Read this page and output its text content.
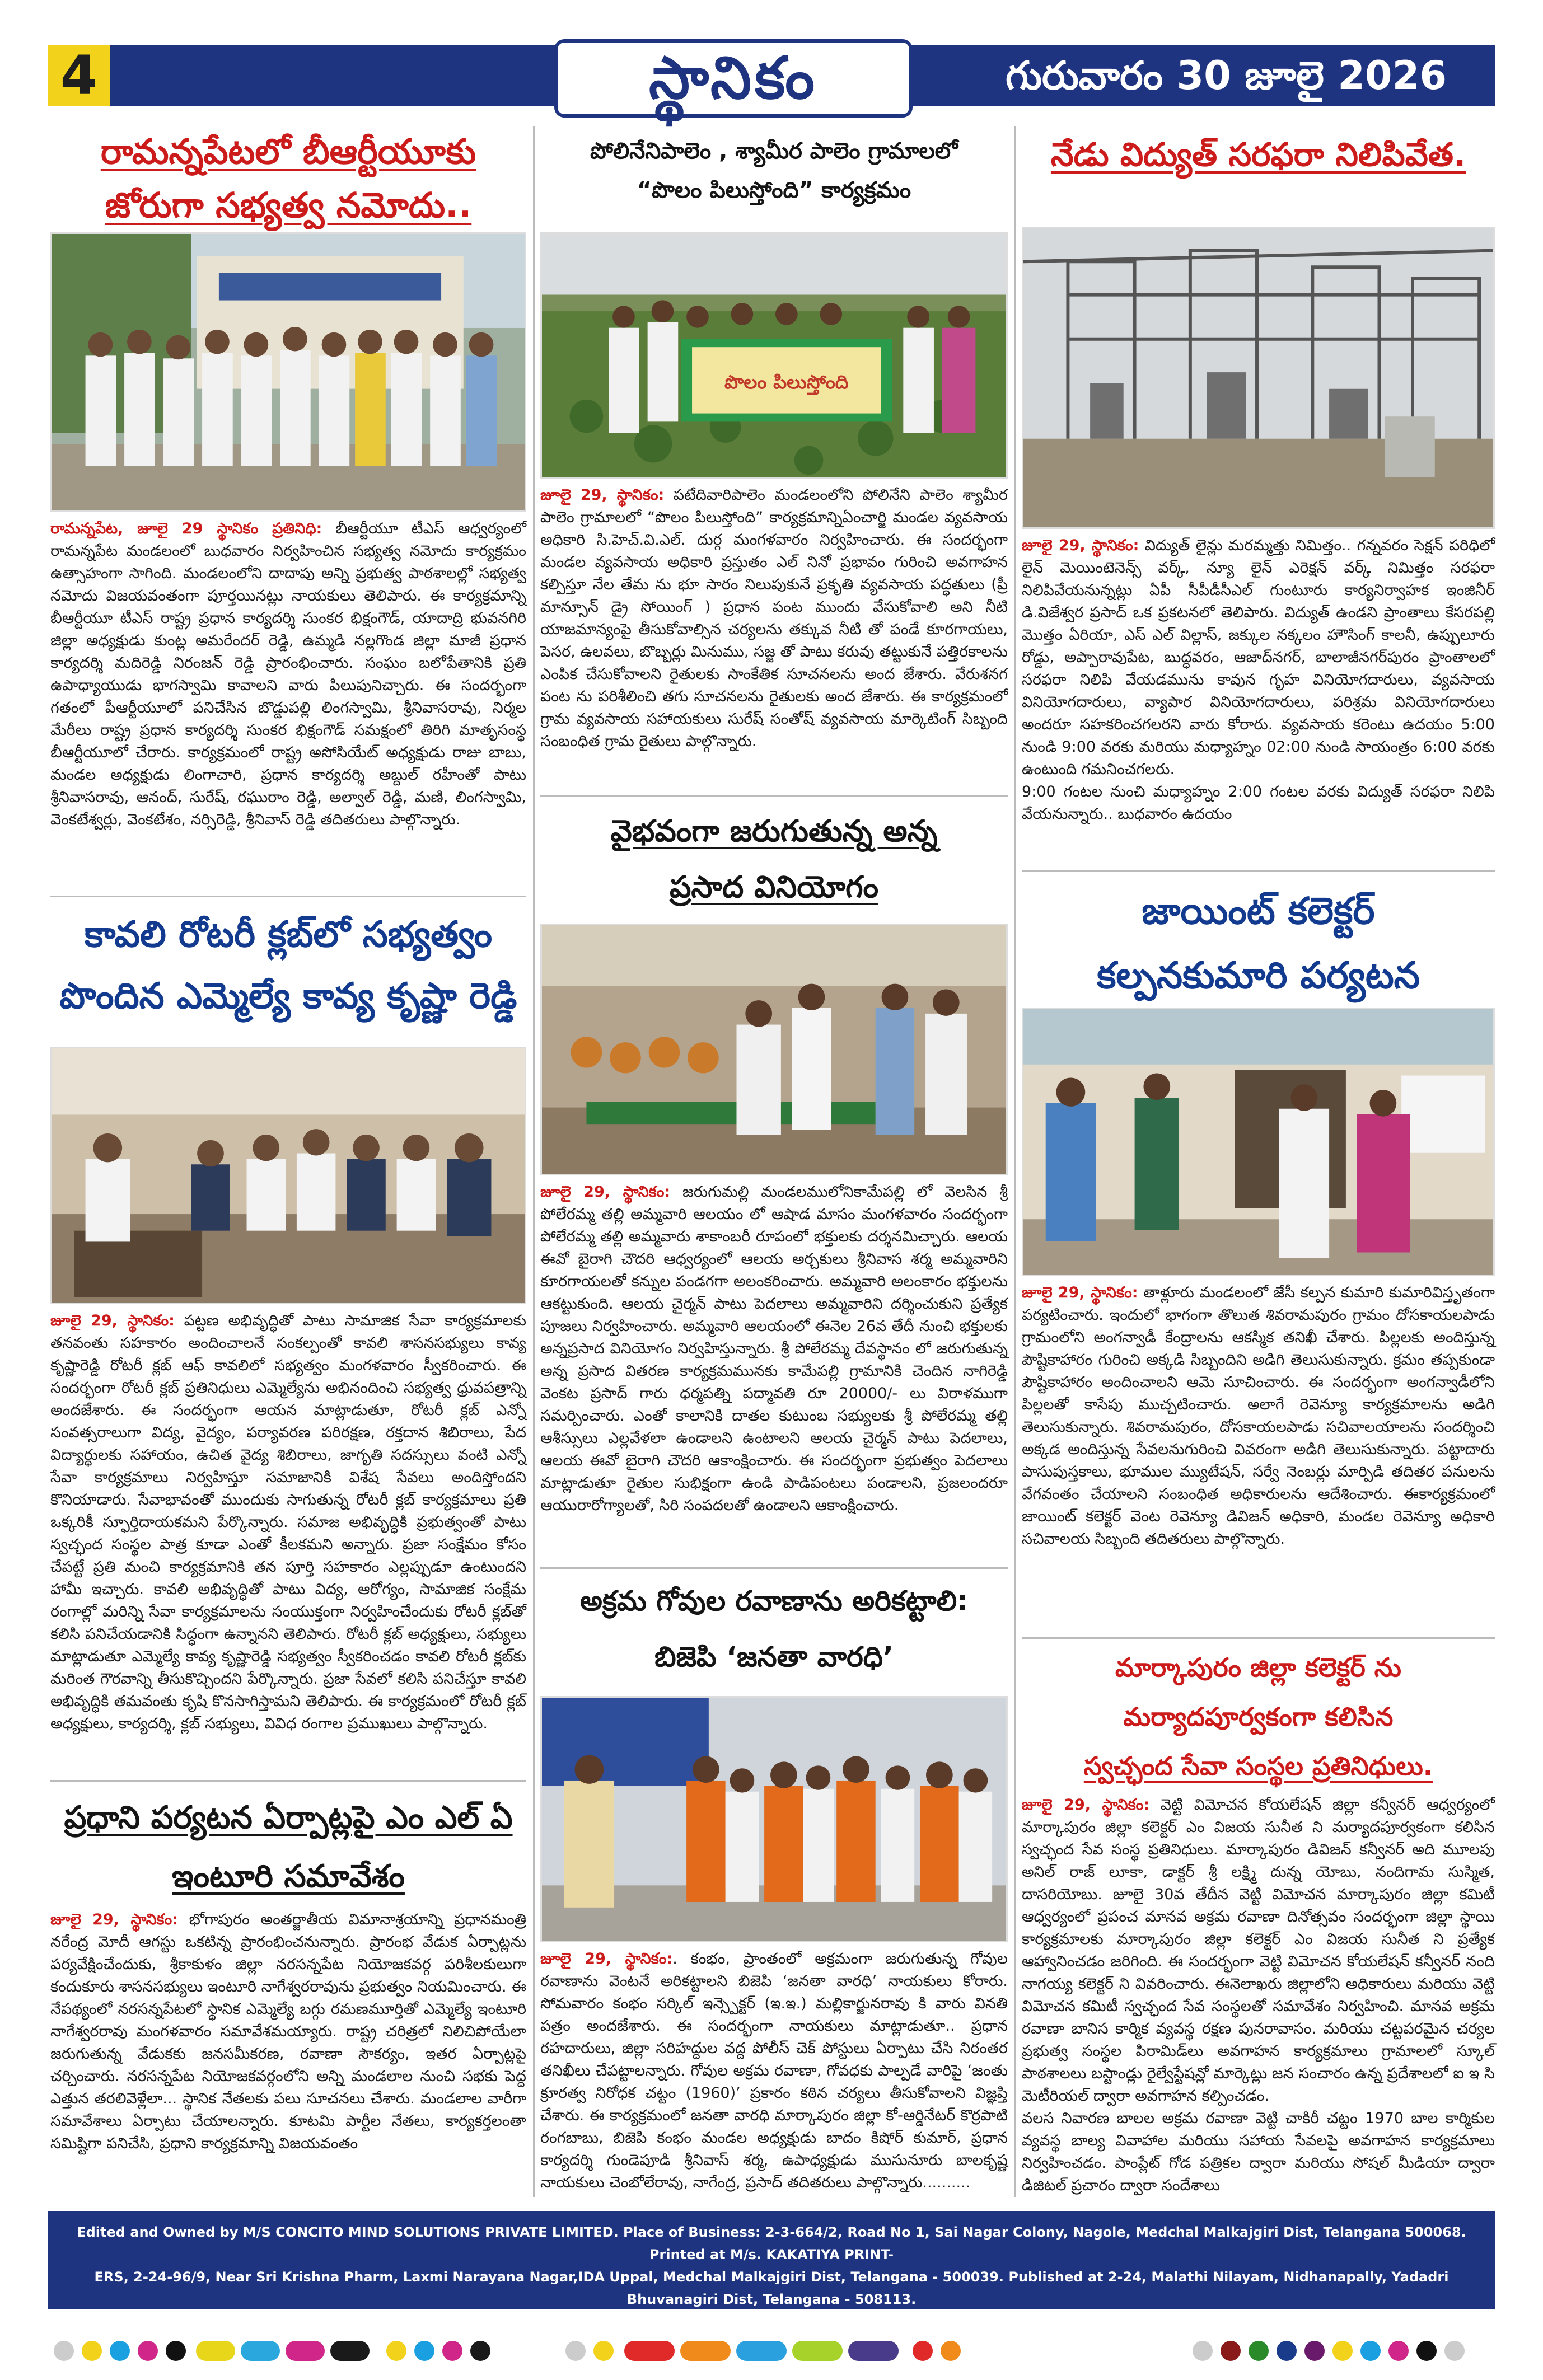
4	స్థానికం	గురువారం 30 జూలై 2026
రామన్నపేటలో బీఆర్టీయూకు
జోరుగా సభ్యత్వ నమోదు..
రామన్నపేట, జూలై 29 స్థానికం ప్రతినిధి: బీఆర్టీయూ టీఎస్ ఆధ్వర్యంలో రామన్నపేట మండలంలో బుధవారం నిర్వహించిన సభ్యత్వ నమోదు కార్యక్రమం ఉత్సాహంగా సాగింది. మండలంలోని దాదాపు అన్ని ప్రభుత్వ పాఠశాలల్లో సభ్యత్వ నమోదు విజయవంతంగా పూర్తయినట్లు నాయకులు తెలిపారు. ఈ కార్యక్రమాన్ని బీఆర్టీయూ టీఎస్ రాష్ట్ర ప్రధాన కార్యదర్శి సుంకర భిక్షంగౌడ్, యాదాద్రి భువనగిరి జిల్లా అధ్యక్షుడు కుంట్ల అమరేందర్ రెడ్డి, ఉమ్మడి నల్లగొండ జిల్లా మాజీ ప్రధాన కార్యదర్శి మదిరెడ్డి నిరంజన్ రెడ్డి ప్రారంభించారు. సంఘం బలోపేతానికి ప్రతి ఉపాధ్యాయుడు భాగస్వామి కావాలని వారు పిలుపునిచ్చారు. ఈ సందర్భంగా గతంలో పీఆర్టీయూలో పనిచేసిన బొడ్డుపల్లి లింగస్వామి, శ్రీనివాసరావు, నిర్మల మేరీలు రాష్ట్ర ప్రధాన కార్యదర్శి సుంకర భిక్షంగౌడ్ సమక్షంలో తిరిగి మాతృసంస్థ బీఆర్టీయూలో చేరారు. కార్యక్రమంలో రాష్ట్ర అసోసియేట్ అధ్యక్షుడు రాజు బాబు, మండల అధ్యక్షుడు లింగాచారి, ప్రధాన కార్యదర్శి అబ్దుల్ రహీంతో పాటు శ్రీనివాసరావు, ఆనంద్, సురేష్, రఘురాం రెడ్డి, అల్వాల్ రెడ్డి, మణి, లింగస్వామి, వెంకటేశ్వర్లు, వెంకటేశం, నర్సిరెడ్డి, శ్రీనివాస్ రెడ్డి తదితరులు పాల్గొన్నారు.
కావలి రోటరీ క్లబ్‌లో సభ్యత్వం
పొందిన ఎమ్మెల్యే కావ్య కృష్ణా రెడ్డి
జూలై 29, స్థానికం: పట్టణ అభివృద్ధితో పాటు సామాజిక సేవా కార్యక్రమాలకు తనవంతు సహకారం అందించాలనే సంకల్పంతో కావలి శాసనసభ్యులు కావ్య కృష్ణారెడ్డి రోటరీ క్లబ్ ఆఫ్ కావలిలో సభ్యత్వం మంగళవారం స్వీకరించారు. ఈ సందర్భంగా రోటరీ క్లబ్ ప్రతినిధులు ఎమ్మెల్యేను అభినందించి సభ్యత్వ ధ్రువపత్రాన్ని అందజేశారు. ఈ సందర్భంగా ఆయన మాట్లాడుతూ, రోటరీ క్లబ్ ఎన్నో సంవత్సరాలుగా విద్య, వైద్యం, పర్యావరణ పరిరక్షణ, రక్తదాన శిబిరాలు, పేద విద్యార్థులకు సహాయం, ఉచిత వైద్య శిబిరాలు, జాగృతి సదస్సులు వంటి ఎన్నో సేవా కార్యక్రమాలు నిర్వహిస్తూ సమాజానికి విశేష సేవలు అందిస్తోందని కొనియాడారు. సేవాభావంతో ముందుకు సాగుతున్న రోటరీ క్లబ్ కార్యక్రమాలు ప్రతి ఒక్కరికీ స్ఫూర్తిదాయకమని పేర్కొన్నారు. సమాజ అభివృద్ధికి ప్రభుత్వంతో పాటు స్వచ్ఛంద సంస్థల పాత్ర కూడా ఎంతో కీలకమని అన్నారు. ప్రజా సంక్షేమం కోసం చేపట్టే ప్రతి మంచి కార్యక్రమానికి తన పూర్తి సహకారం ఎల్లప్పుడూ ఉంటుందని హామీ ఇచ్చారు. కావలి అభివృద్ధితో పాటు విద్య, ఆరోగ్యం, సామాజిక సంక్షేమ రంగాల్లో మరిన్ని సేవా కార్యక్రమాలను సంయుక్తంగా నిర్వహించేందుకు రోటరీ క్లబ్‌తో కలిసి పనిచేయడానికి సిద్ధంగా ఉన్నానని తెలిపారు. రోటరీ క్లబ్ అధ్యక్షులు, సభ్యులు మాట్లాడుతూ ఎమ్మెల్యే కావ్య కృష్ణారెడ్డి సభ్యత్వం స్వీకరించడం కావలి రోటరీ క్లబ్‌కు మరింత గౌరవాన్ని తీసుకొచ్చిందని పేర్కొన్నారు. ప్రజా సేవలో కలిసి పనిచేస్తూ కావలి అభివృద్ధికి తమవంతు కృషి కొనసాగిస్తామని తెలిపారు. ఈ కార్యక్రమంలో రోటరీ క్లబ్ అధ్యక్షులు, కార్యదర్శి, క్లబ్ సభ్యులు, వివిధ రంగాల ప్రముఖులు పాల్గొన్నారు.
ప్రధాని పర్యటన ఏర్పాట్లపై ఎం ఎల్ ఏ
ఇంటూరి సమావేశం
జూలై 29, స్థానికం: భోగాపురం అంతర్జాతీయ విమానాశ్రయాన్ని ప్రధానమంత్రి నరేంద్ర మోదీ ఆగస్టు ఒకటిన్న ప్రారంభించనున్నారు. ప్రారంభ వేడుక ఏర్పాట్లను పర్యవేక్షించేందుకు, శ్రీకాకుళం జిల్లా నరసన్నపేట నియోజకవర్గ పరిశీలకులుగా కందుకూరు శాసనసభ్యులు ఇంటూరి నాగేశ్వరరావును ప్రభుత్వం నియమించారు. ఈ నేపథ్యంలో నరసన్నపేటలో స్థానిక ఎమ్మెల్యే బగ్గు రమణమూర్తితో ఎమ్మెల్యే ఇంటూరి నాగేశ్వరరావు మంగళవారం సమావేశమయ్యారు. రాష్ట్ర చరిత్రలో నిలిచిపోయేలా జరుగుతున్న వేడుకకు జనసమీకరణ, రవాణా సౌకర్యం, ఇతర ఏర్పాట్లపై చర్చించారు. నరసన్నపేట నియోజకవర్గంలోని అన్ని మండలాల నుంచి సభకు పెద్ద ఎత్తున తరలివెళ్లేలా... స్థానిక నేతలకు పలు సూచనలు చేశారు. మండలాల వారీగా సమావేశాలు ఏర్పాటు చేయాలన్నారు. కూటమి పార్టీల నేతలు, కార్యకర్తలంతా సమిష్టిగా పనిచేసి, ప్రధాని కార్యక్రమాన్ని విజయవంతం
పోలినేనిపాలెం , శ్యామీర పాలెం గ్రామాలలో
“పొలం పిలుస్తోంది” కార్యక్రమం
పొలం పిలుస్తోంది
జూలై 29, స్థానికం: పటేదివారిపాలెం మండలంలోని పోలినేని పాలెం శ్యామీర పాలెం గ్రామాలలో “పొలం పిలుస్తోంది” కార్యక్రమాన్నిఏంచార్జి మండల వ్యవసాయ అధికారి సి.హెచ్.వి.ఎల్. దుర్గ మంగళవారం నిర్వహించారు. ఈ సందర్భంగా మండల వ్యవసాయ అధికారి ప్రస్తుతం ఎల్ నినో ప్రభావం గురించి అవగాహన కల్పిస్తూ నేల తేమ ను భూ సారం నిలుపుకునే ప్రకృతి వ్యవసాయ పద్ధతులు (ప్రీ మాన్సూన్ డ్రై సోయింగ్ ) ప్రధాన పంట ముందు వేసుకోవాలి అని నీటి యాజమాన్యంపై తీసుకోవాల్సిన చర్యలను తక్కువ నీటి తో పండే కూరగాయలు, పెసర, ఉలవలు, బొబ్బర్లు మినుము, సజ్జ తో పాటు కరువు తట్టుకునే పత్తిరకాలను ఎంపిక చేసుకోవాలని రైతులకు సాంకేతిక సూచనలను అంద జేశారు. వేరుశనగ పంట ను పరిశీలించి తగు సూచనలను రైతులకు అంద జేశారు. ఈ కార్యక్రమంలో గ్రామ వ్యవసాయ సహాయకులు సురేష్ సంతోష్ వ్యవసాయ మార్కెటింగ్ సిబ్బంది సంబంధిత గ్రామ రైతులు పాల్గొన్నారు.
వైభవంగా జరుగుతున్న అన్న
ప్రసాద వినియోగం
జూలై 29, స్థానికం: జరుగుమల్లి మండలములోనికామేపల్లి లో వెలసిన శ్రీ పోలేరమ్మ తల్లి అమ్మవారి ఆలయం లో ఆషాడ మాసం మంగళవారం సందర్భంగా పోలేరమ్మ తల్లి అమ్మవారు శాకాంబరీ రూపంలో భక్తులకు దర్శనమిచ్చారు. ఆలయ ఈవో బైరాగి చౌదరి ఆధ్వర్యంలో ఆలయ అర్చకులు శ్రీనివాస శర్మ అమ్మవారిని కూరగాయలతో కన్నుల పండగగా అలంకరించారు. అమ్మవారి అలంకారం భక్తులను ఆకట్టుకుంది. ఆలయ చైర్మన్ పాటు పెదలాలు అమ్మవారిని దర్శించుకుని ప్రత్యేక పూజలు నిర్వహించారు. అమ్మవారి ఆలయంలో ఈనెల 26వ తేదీ నుంచి భక్తులకు అన్నప్రసాద వినియోగం నిర్వహిస్తున్నారు. శ్రీ పోలేరమ్మ దేవస్థానం లో జరుగుతున్న అన్న ప్రసాద వితరణ కార్యక్రమమునకు కామేపల్లి గ్రామానికి చెందిన నాగిరెడ్డి వెంకట ప్రసాద్ గారు ధర్మపత్ని పద్మావతి రూ 20000/- లు విరాళముగా సమర్పించారు. ఎంతో కాలానికి దాతల కుటుంబ సభ్యులకు శ్రీ పోలేరమ్మ తల్లి ఆశీస్సులు ఎల్లవేళలా ఉండాలని ఉంటాలని ఆలయ చైర్మన్ పాటు పెదలాలు, ఆలయ ఈవో బైరాగి చౌదరి ఆకాంక్షించారు. ఈ సందర్భంగా ప్రభుత్వం పెదలాలు మాట్లాడుతూ రైతుల సుభిక్షంగా ఉండి పాడిపంటలు పండాలని, ప్రజలందరూ ఆయురారోగ్యాలతో, సిరి సంపదలతో ఉండాలని ఆకాంక్షించారు.
అక్రమ గోవుల రవాణాను అరికట్టాలి:
బిజెపి ‘జనతా వారధి’
జూలై 29, స్థానికం:. కంభం, ప్రాంతంలో అక్రమంగా జరుగుతున్న గోవుల రవాణాను వెంటనే అరికట్టాలని బిజెపి ‘జనతా వారధి’ నాయకులు కోరారు. సోమవారం కంభం సర్కిల్ ఇన్స్పెక్టర్ (ఇ.ఇ.) మల్లికార్జునరావు కి వారు వినతి పత్రం అందజేశారు. ఈ సందర్భంగా నాయకులు మాట్లాడుతూ.. ప్రధాన రహదారులు, జిల్లా సరిహద్దుల వద్ద పోలీస్ చెక్ పోస్టులు ఏర్పాటు చేసి నిరంతర తనిఖీలు చేపట్టాలన్నారు. గోవుల అక్రమ రవాణా, గోవధకు పాల్పడే వారిపై ‘జంతు క్రూరత్వ నిరోధక చట్టం (1960)’ ప్రకారం కఠిన చర్యలు తీసుకోవాలని విజ్ఞప్తి చేశారు. ఈ కార్యక్రమంలో జనతా వారధి మార్కాపురం జిల్లా కో-ఆర్డినేటర్ కొర్రపాటి రంగబాబు, బిజెపి కంభం మండల అధ్యక్షుడు బాదం కిషోర్ కుమార్, ప్రధాన కార్యదర్శి గుండెపూడి శ్రీనివాస్ శర్మ, ఉపాధ్యక్షుడు ముసునూరు బాలకృష్ణ నాయకులు చెంబోలేరావు, నాగేంద్ర, ప్రసాద్ తదితరులు పాల్గొన్నారు..........
నేడు విద్యుత్ సరఫరా నిలిపివేత.
జూలై 29, స్థానికం: విద్యుత్ లైన్లు మరమ్మత్తు నిమిత్తం.. గన్నవరం సెక్షన్ పరిధిలో లైన్ మెయింటెనెన్స్ వర్క్, న్యూ లైన్ ఎరెక్షన్ వర్క్ నిమిత్తం సరఫరా నిలిపివేయనున్నట్లు ఏపీ సీపీడీసీఎల్ గుంటూరు కార్యనిర్వాహక ఇంజినీర్ డి.విజేశ్వర ప్రసాద్ ఒక ప్రకటనలో తెలిపారు. విద్యుత్ ఉండని ప్రాంతాలు కేసరపల్లి మొత్తం ఏరియా, ఎస్ ఎల్ విల్లాస్, జక్కుల నక్కలం హౌసింగ్ కాలనీ, ఉప్పులూరు రోడ్డు, అప్పారావుపేట, బుద్ధవరం, ఆజాద్‌నగర్, బాలాజీనగర్‌పురం ప్రాంతాలలో సరఫరా నిలిపి వేయడమును కావున గృహ వినియోగదారులు, వ్యవసాయ వినియోగదారులు, వ్యాపార వినియోగదారులు, పరిశ్రమ వినియోగదారులు అందరూ సహకరించగలరని వారు కోరారు. వ్యవసాయ కరెంటు ఉదయం 5:00 నుండి 9:00 వరకు మరియు మధ్యాహ్నం 02:00 నుండి సాయంత్రం 6:00 వరకు ఉంటుంది గమనించగలరు.
9:00 గంటల నుంచి మధ్యాహ్నం 2:00 గంటల వరకు విద్యుత్ సరఫరా నిలిపి వేయనున్నారు.. బుధవారం ఉదయం
జాయింట్ కలెక్టర్
కల్పనకుమారి పర్యటన
జూలై 29, స్థానికం: తాళ్లూరు మండలంలో జేసీ కల్పన కుమారి కుమారివిస్తృతంగా పర్యటించారు. ఇందులో భాగంగా తొలుత శివరామపురం గ్రామం దోసకాయలపాడు గ్రామంలోని అంగన్వాడీ కేంద్రాలను ఆకస్మిక తనిఖీ చేశారు. పిల్లలకు అందిస్తున్న పౌష్టికాహారం గురించి అక్కడి సిబ్బందిని అడిగి తెలుసుకున్నారు. క్రమం తప్పకుండా పౌష్టికాహారం అందించాలని ఆమె సూచించారు. ఈ సందర్భంగా అంగన్వాడీలోని పిల్లలతో కాసేపు ముచ్చటించారు. అలాగే రెవెన్యూ కార్యక్రమాలను అడిగి తెలుసుకున్నారు. శివరామపురం, దోసకాయలపాడు సచివాలయాలను సందర్శించి అక్కడ అందిస్తున్న సేవలనుగురించి వివరంగా అడిగి తెలుసుకున్నారు. పట్టాదారు పాసుపుస్తకాలు, భూముల మ్యుటేషన్, సర్వే నెంబర్లు మార్పిడి తదితర పనులను వేగవంతం చేయాలని సంబంధిత అధికారులను ఆదేశించారు. ఈకార్యక్రమంలో జాయింట్ కలెక్టర్ వెంట రెవెన్యూ డివిజన్ అధికారి, మండల రెవెన్యూ అధికారి సచివాలయ సిబ్బంది తదితరులు పాల్గొన్నారు.
మార్కాపురం జిల్లా కలెక్టర్ ను
మర్యాదపూర్వకంగా కలిసిన
స్వచ్ఛంద సేవా సంస్థల ప్రతినిధులు.
జూలై 29, స్థానికం: వెట్టి విమోచన కోయలేషన్ జిల్లా కన్వీనర్ ఆధ్వర్యంలో మార్కాపురం జిల్లా కలెక్టర్ ఎం విజయ సునీత ని మర్యాదపూర్వకంగా కలిసిన స్వచ్ఛంద సేవ సంస్థ ప్రతినిధులు. మార్కాపురం డివిజన్ కన్వీనర్ అది మూలపు అనిల్ రాజ్ లూకా, డాక్టర్ శ్రీ లక్ష్మి దున్న యోబు, నందిగామ సుస్మిత, దాసరియోబు. జూలై 30వ తేదీన వెట్టి విమోచన మార్కాపురం జిల్లా కమిటీ ఆధ్వర్యంలో ప్రపంచ మానవ అక్రమ రవాణా దినోత్సవం సందర్భంగా జిల్లా స్థాయి కార్యక్రమాలకు మార్కాపురం జిల్లా కలెక్టర్ ఎం విజయ సునీత ని ప్రత్యేక ఆహ్వానించడం జరిగింది. ఈ సందర్భంగా వెట్టి విమోచన కోయలేషన్ కన్వీనర్ నంది నాగయ్య కలెక్టర్ ని వివరించారు. ఈనెలాఖరు జిల్లాలోని అధికారులు మరియు వెట్టి విమోచన కమిటీ స్వచ్ఛంద సేవ సంస్థలతో సమావేశం నిర్వహించి. మానవ అక్రమ రవాణా బానిస కార్మిక వ్యవస్థ రక్షణ పునరావాసం. మరియు చట్టపరమైన చర్యల ప్రభుత్వ సంస్థల పిరామిడ్‌లు అవగాహన కార్యక్రమాలు గ్రామాలలో స్కూల్ పాఠశాలలు బస్టాండ్లు రైల్వేస్టేషన్లో మార్కెట్లు జన సంచారం ఉన్న ప్రదేశాలలో ఐ ఇ సి మెటీరియల్ ద్వారా అవగాహన కల్పించడం.
వలస నివారణ బాలల అక్రమ రవాణా వెట్టి చాకిరీ చట్టం 1970 బాల కార్మికుల వ్యవస్థ బాల్య వివాహాల మరియు సహాయ సేవలపై అవగాహన కార్యక్రమాలు నిర్వహించడం. పాంప్లేట్ గోడ పత్రికల ద్వారా మరియు సోషల్ మీడియా ద్వారా డిజిటల్ ప్రచారం ద్వారా సందేశాలు
Edited and Owned by M/S CONCITO MIND SOLUTIONS PRIVATE LIMITED. Place of Business: 2-3-664/2, Road No 1, Sai Nagar Colony, Nagole, Medchal Malkajgiri Dist, Telangana 500068. Printed at M/s. KAKATIYA PRINT-
ERS, 2-24-96/9, Near Sri Krishna Pharm, Laxmi Narayana Nagar,IDA Uppal, Medchal Malkajgiri Dist, Telangana - 500039. Published at 2-24, Malathi Nilayam, Nidhanapally, Yadadri Bhuvanagiri Dist, Telangana - 508113.
Editor, Printed and Published by Dr.KONDA MALLESHAM GOUD, Phone Number : 9000350446, Registration No: TGTEL/26/A4419
